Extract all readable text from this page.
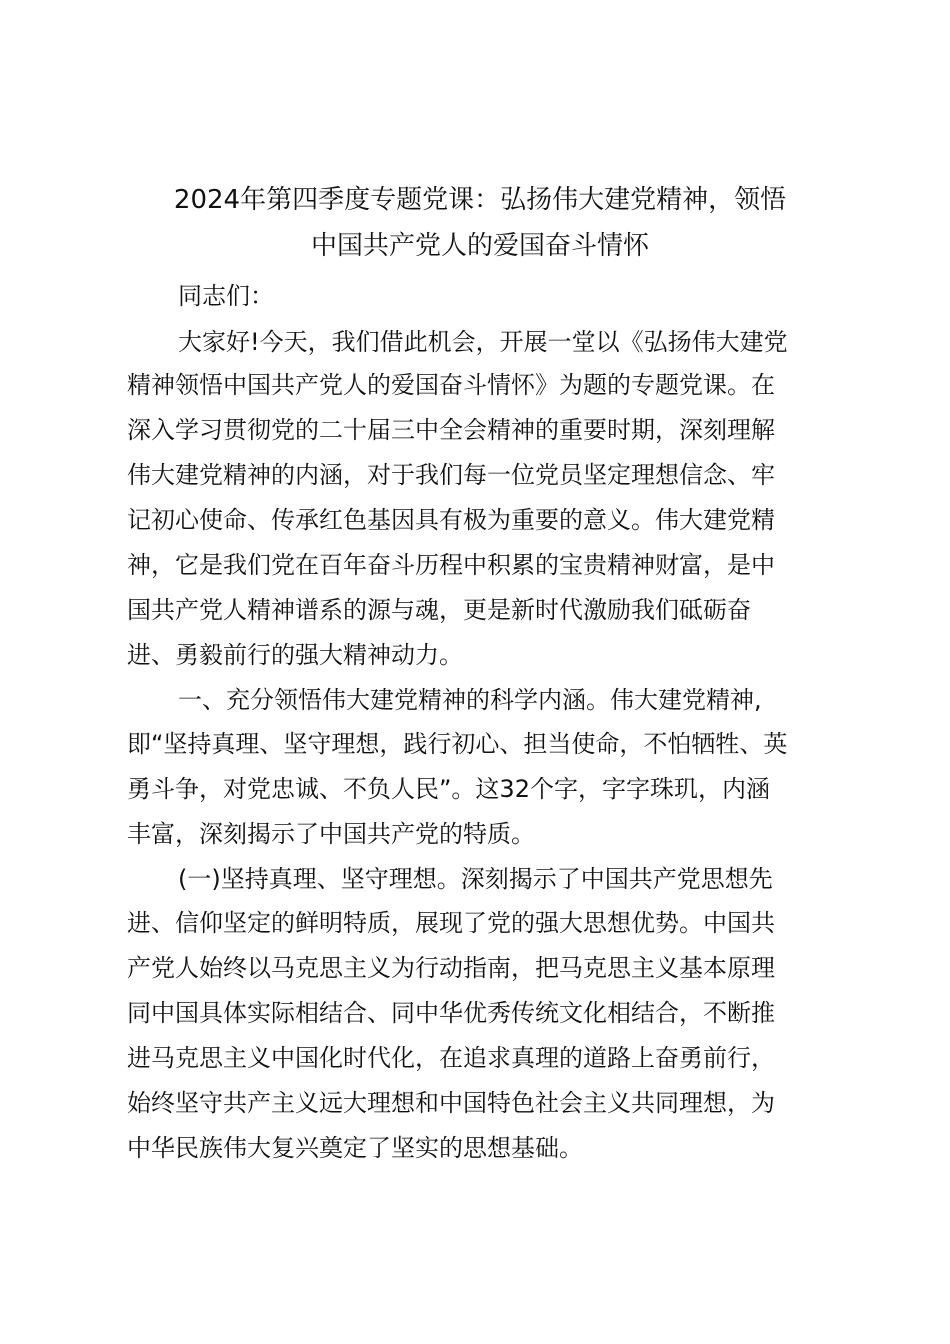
2024年第四季度专题党课：弘扬伟大建党精神，领悟
中国共产党人的爱国奋斗情怀
同志们：
大家好!今天，我们借此机会，开展一堂以《弘扬伟大建党
精神领悟中国共产党人的爱国奋斗情怀》为题的专题党课。在
深入学习贯彻党的二十届三中全会精神的重要时期，深刻理解
伟大建党精神的内涵，对于我们每一位党员坚定理想信念、牢
记初心使命、传承红色基因具有极为重要的意义。伟大建党精
神，它是我们党在百年奋斗历程中积累的宝贵精神财富，是中
国共产党人精神谱系的源与魂，更是新时代激励我们砥砺奋
进、勇毅前行的强大精神动力。
一、充分领悟伟大建党精神的科学内涵。伟大建党精神,
即“坚持真理、坚守理想，践行初心、担当使命，不怕牺牲、英
勇斗争，对党忠诚、不负人民”。这32个字，字字珠玑，内涵
丰富，深刻揭示了中国共产党的特质。
(一)坚持真理、坚守理想。深刻揭示了中国共产党思想先
进、信仰坚定的鲜明特质，展现了党的强大思想优势。中国共
产党人始终以马克思主义为行动指南，把马克思主义基本原理
同中国具体实际相结合、同中华优秀传统文化相结合，不断推
进马克思主义中国化时代化，在追求真理的道路上奋勇前行，
始终坚守共产主义远大理想和中国特色社会主义共同理想，为
中华民族伟大复兴奠定了坚实的思想基础。
